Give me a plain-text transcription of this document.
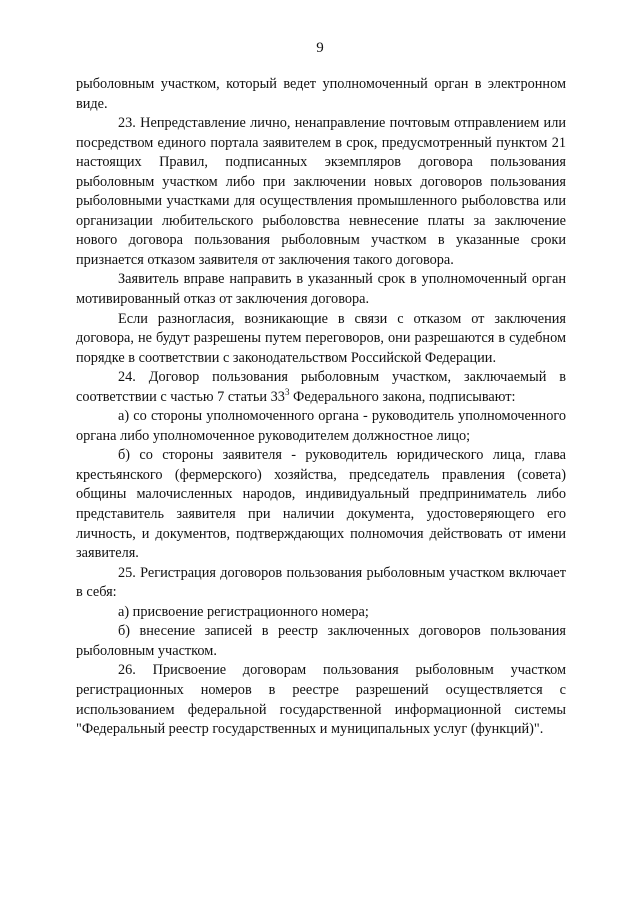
9

рыболовным участком, который ведет уполномоченный орган в электронном виде.

23. Непредставление лично, ненаправление почтовым отправлением или посредством единого портала заявителем в срок, предусмотренный пунктом 21 настоящих Правил, подписанных экземпляров договора пользования рыболовным участком либо при заключении новых договоров пользования рыболовными участками для осуществления промышленного рыболовства или организации любительского рыболовства невнесение платы за заключение нового договора пользования рыболовным участком в указанные сроки признается отказом заявителя от заключения такого договора.

Заявитель вправе направить в указанный срок в уполномоченный орган мотивированный отказ от заключения договора.

Если разногласия, возникающие в связи с отказом от заключения договора, не будут разрешены путем переговоров, они разрешаются в судебном порядке в соответствии с законодательством Российской Федерации.

24. Договор пользования рыболовным участком, заключаемый в соответствии с частью 7 статьи $33^3$ Федерального закона, подписывают:

а) со стороны уполномоченного органа - руководитель уполномоченного органа либо уполномоченное руководителем должностное лицо;

б) со стороны заявителя - руководитель юридического лица, глава крестьянского (фермерского) хозяйства, председатель правления (совета) общины малочисленных народов, индивидуальный предприниматель либо представитель заявителя при наличии документа, удостоверяющего его личность, и документов, подтверждающих полномочия действовать от имени заявителя.

25. Регистрация договоров пользования рыболовным участком включает в себя:

а) присвоение регистрационного номера;

б) внесение записей в реестр заключенных договоров пользования рыболовным участком.

26. Присвоение договорам пользования рыболовным участком регистрационных номеров в реестре разрешений осуществляется с использованием федеральной государственной информационной системы "Федеральный реестр государственных и муниципальных услуг (функций)".
